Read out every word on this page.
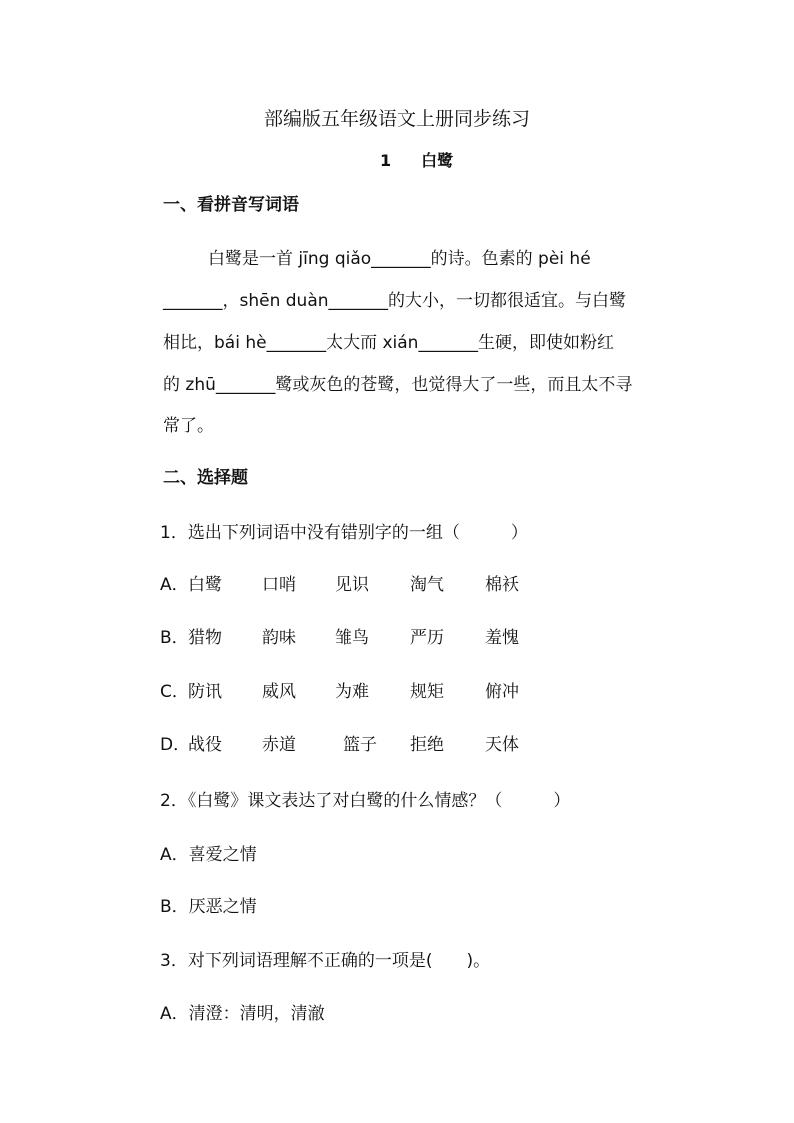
部编版五年级语文上册同步练习
1 白鹭
一、看拼音写词语
白鹭是一首 jīng qiǎo_______的诗。色素的 pèi hé
_______，shēn duàn_______的大小，一切都很适宜。与白鹭
相比，bái hè_______太大而 xián_______生硬，即使如粉红
的 zhū_______鹭或灰色的苍鹭，也觉得大了一些，而且太不寻
常了。
二、选择题
1．选出下列词语中没有错别字的一组（　　　）
A． 白鹭 口哨 见识 淘气 棉袄
B． 猎物 韵味 雏鸟 严历 羞愧
C． 防讯 威风 为难 规矩 俯冲
D．
战役 赤道	篮子 拒绝 天体
2．《白鹭》课文表达了对白鹭的什么情感？（　　　）
A．喜爱之情
B．厌恶之情
3．对下列词语理解不正确的一项是(　　)。
A．清澄：清明，清澈
